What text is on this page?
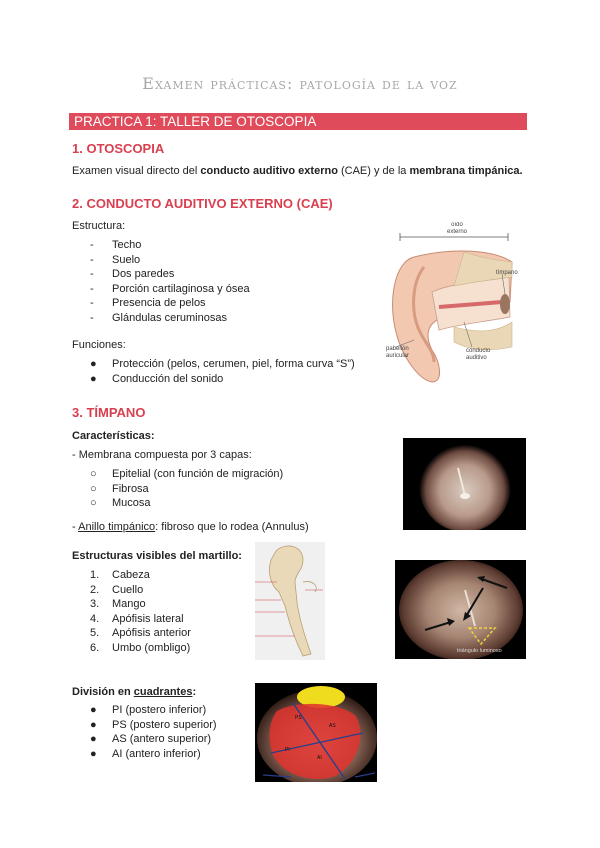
Examen prácticas: patología de la voz
PRACTICA 1: TALLER DE OTOSCOPIA
1. OTOSCOPIA
Examen visual directo del conducto auditivo externo (CAE) y de la membrana timpánica.
2. CONDUCTO AUDITIVO EXTERNO (CAE)
Estructura:
- Techo
- Suelo
- Dos paredes
- Porción cartilaginosa y ósea
- Presencia de pelos
- Glándulas ceruminosas
Funciones:
● Protección (pelos, cerumen, piel, forma curva “S”)
● Conducción del sonido
oído
externo
tímpano
pabellón
auricular
conducto
auditivo
3. TÍMPANO
Características:
- Membrana compuesta por 3 capas:
○ Epitelial (con función de migración)
○ Fibrosa
○ Mucosa
- Anillo timpánico: fibroso que lo rodea (Annulus)
Estructuras visibles del martillo:
1. Cabeza
2. Cuello
3. Mango
4. Apófisis lateral
5. Apófisis anterior
6. Umbo (ombligo)	triángulo luminoso
División en cuadrantes:
● PI (postero inferior)
● PS (postero superior)
● AS (antero superior)
● AI (antero inferior)
PS
AS
PI
AI
